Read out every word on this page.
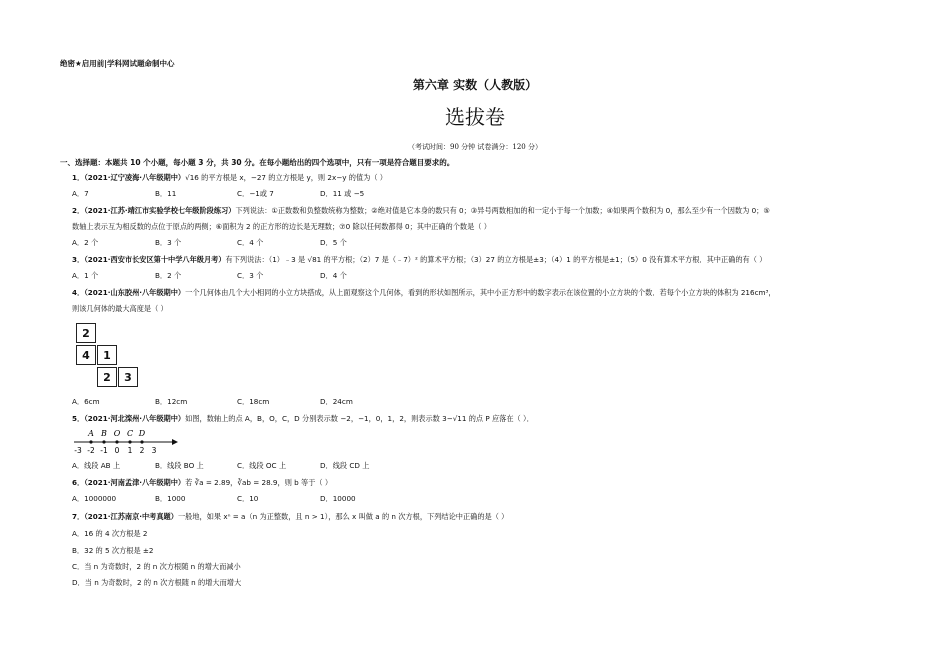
绝密★启用前|学科网试题命制中心
第六章 实数（人教版）
选拔卷
（考试时间：90 分钟 试卷满分：120 分）
一、选择题：本题共 10 个小题，每小题 3 分，共 30 分。在每小题给出的四个选项中，只有一项是符合题目要求的。
1．（2021·辽宁凌海·八年级期中）√16 的平方根是 x，−27 的立方根是 y，则 2x−y 的值为（ ）
A．7	B．11	C．−1或 7	D．11 或 −5
2．（2021·江苏·靖江市实验学校七年级阶段练习）下列说法：①正数数和负整数统称为整数；②绝对值是它本身的数只有 0；③异号两数相加的和一定小于每一个加数；④如果两个数积为 0，那么至少有一个因数为 0；⑤
数轴上表示互为相反数的点位于原点的两侧；⑥面积为 2 的正方形的边长是无理数；⑦0 除以任何数都得 0；其中正确的个数是（ ）
A．2 个	B．3 个	C．4 个	D．5 个
3．（2021·西安市长安区第十中学八年级月考）有下列说法：（1）﹣3 是 √81 的平方根；（2）7 是（﹣7）² 的算术平方根；（3）27 的立方根是±3；（4）1 的平方根是±1；（5）0 没有算术平方根．其中正确的有（ ）
A．1 个	B．2 个	C．3 个	D．4 个
4．（2021·山东胶州·八年级期中）一个几何体由几个大小相同的小立方块搭成，从上面观察这个几何体，看到的形状如图所示，其中小正方形中的数字表示在该位置的小立方块的个数．若每个小立方块的体积为 216cm³，
则该几何体的最大高度是（ ）
2
4	1
2	3
A．6cm	B．12cm	C．18cm	D．24cm
5．（2021·河北滦州·八年级期中）如图，数轴上的点 A，B，O，C，D 分别表示数 −2，−1，0，1，2，则表示数 3−√11 的点 P 应落在（ ）．
A B O C D
-3 -2 -1 0 1 2 3
A．线段 AB 上	B．线段 BO 上	C．线段 OC 上	D．线段 CD 上
6．（2021·河南孟津·八年级期中）若 ∛a = 2.89，∛ab = 28.9，则 b 等于（ ）
A．1000000	B．1000	C．10	D．10000
7．（2021·江苏南京·中考真题）一般地，如果 xⁿ = a（n 为正整数，且 n > 1），那么 x 叫做 a 的 n 次方根，下列结论中正确的是（ ）
A．16 的 4 次方根是 2
B．32 的 5 次方根是 ±2
C．当 n 为奇数时，2 的 n 次方根随 n 的增大而减小
D．当 n 为奇数时，2 的 n 次方根随 n 的增大而增大
